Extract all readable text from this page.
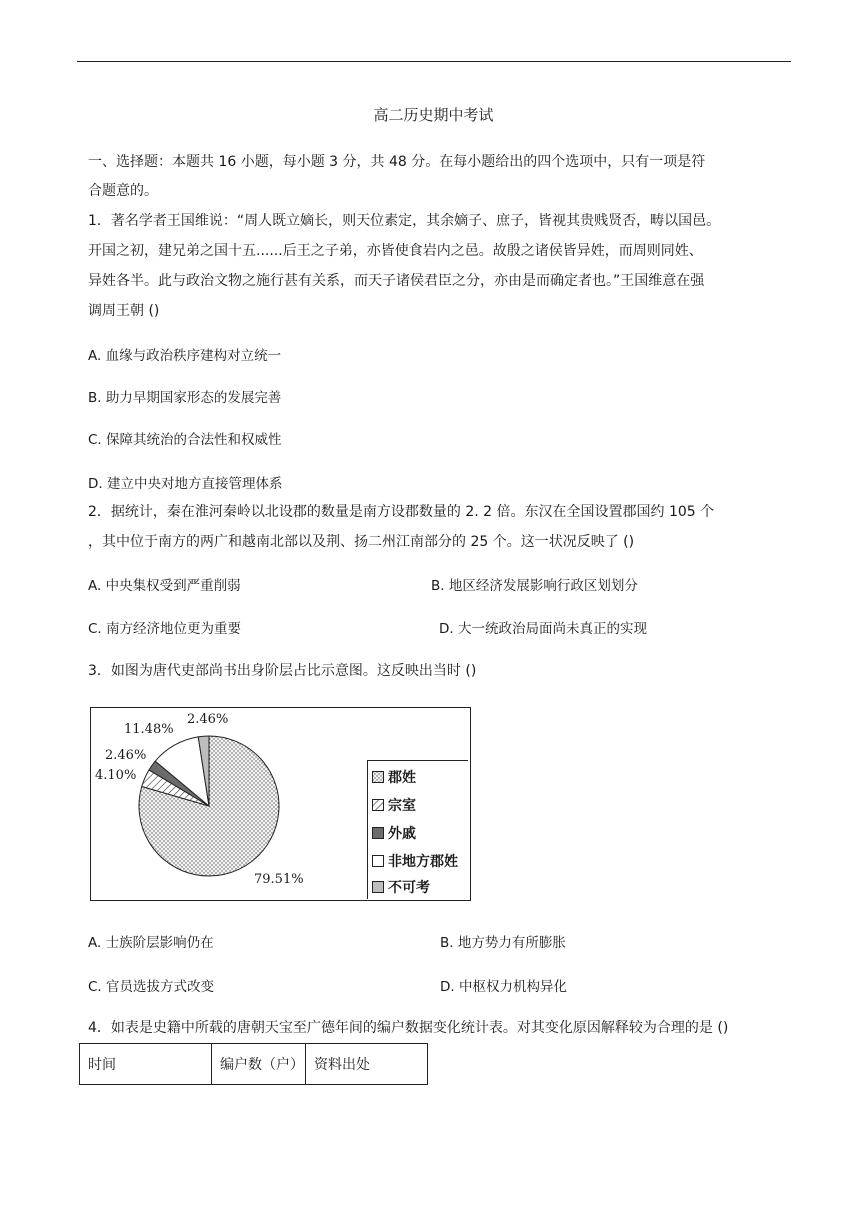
高二历史期中考试
一、选择题：本题共 16 小题，每小题 3 分，共 48 分。在每小题给出的四个选项中，只有一项是符
合题意的。
1．著名学者王国维说：“周人既立嫡长，则天位素定，其余嫡子、庶子，皆视其贵贱贤否，畴以国邑。
开国之初，建兄弟之国十五......后王之子弟，亦皆使食岩内之邑。故殷之诸侯皆异姓，而周则同姓、
异姓各半。此与政治文物之施行甚有关系，而天子诸侯君臣之分，亦由是而确定者也。”王国维意在强
调周王朝 ()
A. 血缘与政治秩序建构对立统一
B. 助力早期国家形态的发展完善
C. 保障其统治的合法性和权威性
D. 建立中央对地方直接管理体系
2．据统计，秦在淮河秦岭以北设郡的数量是南方设郡数量的 2. 2 倍。东汉在全国设置郡国约 105 个
，其中位于南方的两广和越南北部以及荆、扬二州江南部分的 25 个。这一状况反映了 ()
A. 中央集权受到严重削弱	B. 地区经济发展影响行政区划划分
C. 南方经济地位更为重要	D. 大一统政治局面尚未真正的实现
3．如图为唐代吏部尚书出身阶层占比示意图。这反映出当时 ()
11.48%
2.46%
2.46%
4.10%
79.51%
郡姓
宗室
外戚
非地方郡姓
不可考
A. 士族阶层影响仍在	B. 地方势力有所膨胀
C. 官员选拔方式改变	D. 中枢权力机构异化
4．如表是史籍中所载的唐朝天宝至广德年间的编户数据变化统计表。对其变化原因解释较为合理的是 ()
时间	编户数（户）	资料出处
